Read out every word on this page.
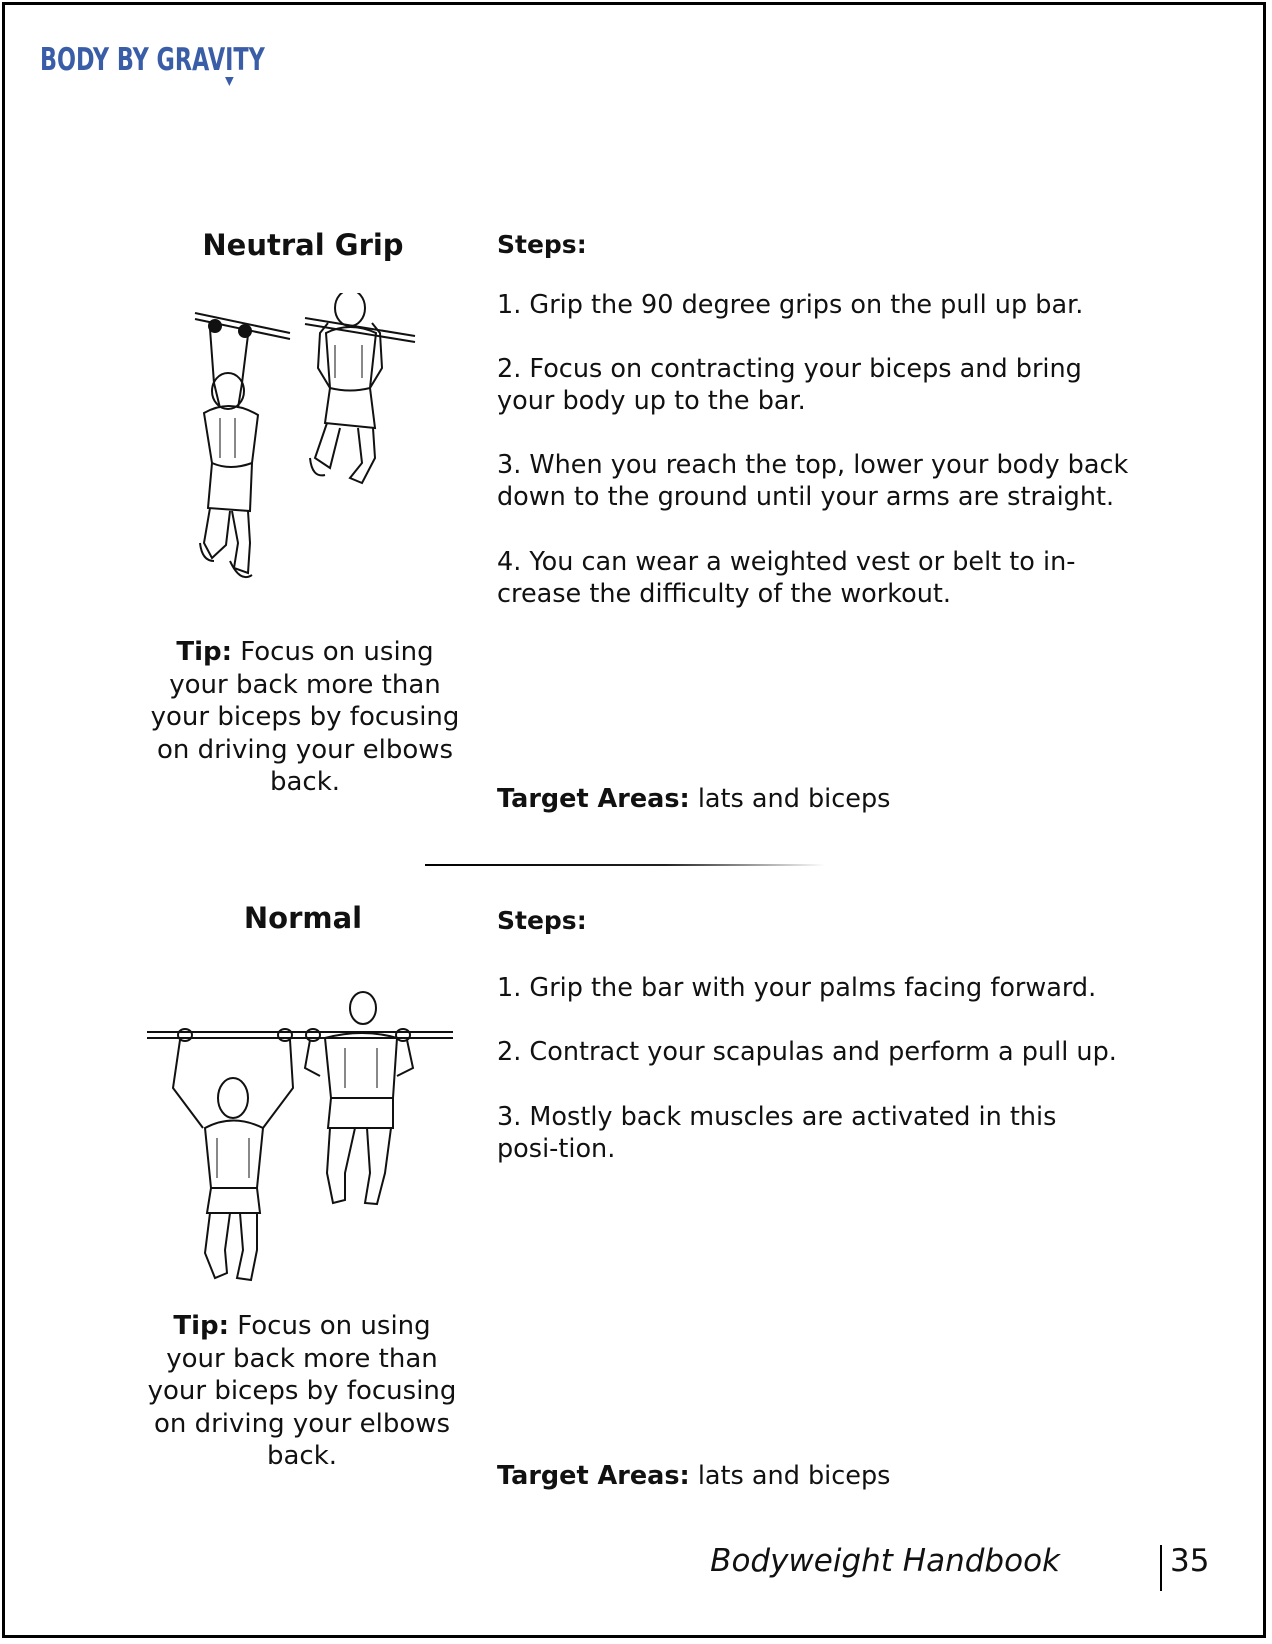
BODY BY GRAVITY
Neutral Grip	Steps:
1. Grip the 90 degree grips on the pull up bar.
2. Focus on contracting your biceps and bring your body up to the bar.
3. When you reach the top, lower your body back down to the ground until your arms are straight.
4. You can wear a weighted vest or belt to in-crease the difficulty of the workout.
Tip: Focus on using your back more than your biceps by focusing on driving your elbows back.
Target Areas: lats and biceps
Normal	Steps:
1. Grip the bar with your palms facing forward.
2. Contract your scapulas and perform a pull up.
3. Mostly back muscles are activated in this posi-tion.
Tip: Focus on using your back more than your biceps by focusing on driving your elbows back.
Target Areas: lats and biceps
Bodyweight Handbook	35
